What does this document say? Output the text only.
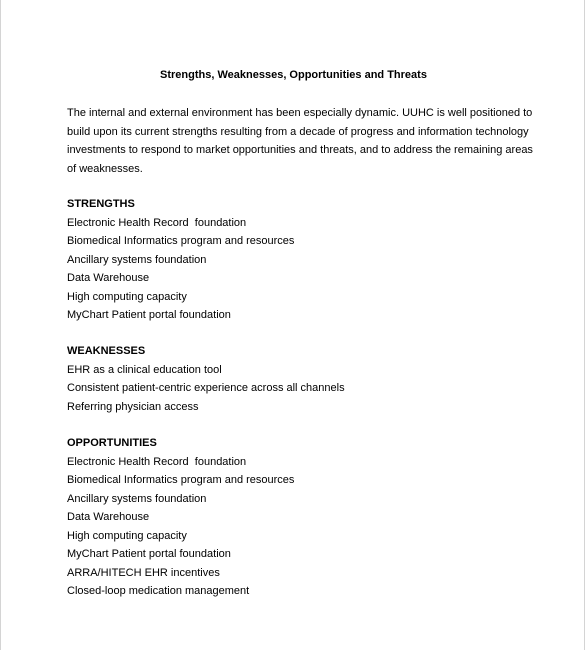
Strengths, Weaknesses, Opportunities and Threats

The internal and external environment has been especially dynamic. UUHC is well positioned to build upon its current strengths resulting from a decade of progress and information technology investments to respond to market opportunities and threats, and to address the remaining areas of weaknesses.

STRENGTHS
Electronic Health Record  foundation
Biomedical Informatics program and resources
Ancillary systems foundation
Data Warehouse
High computing capacity
MyChart Patient portal foundation
WEAKNESSES
EHR as a clinical education tool
Consistent patient-centric experience across all channels
Referring physician access
OPPORTUNITIES
Electronic Health Record  foundation
Biomedical Informatics program and resources
Ancillary systems foundation
Data Warehouse
High computing capacity
MyChart Patient portal foundation
ARRA/HITECH EHR incentives
Closed-loop medication management
